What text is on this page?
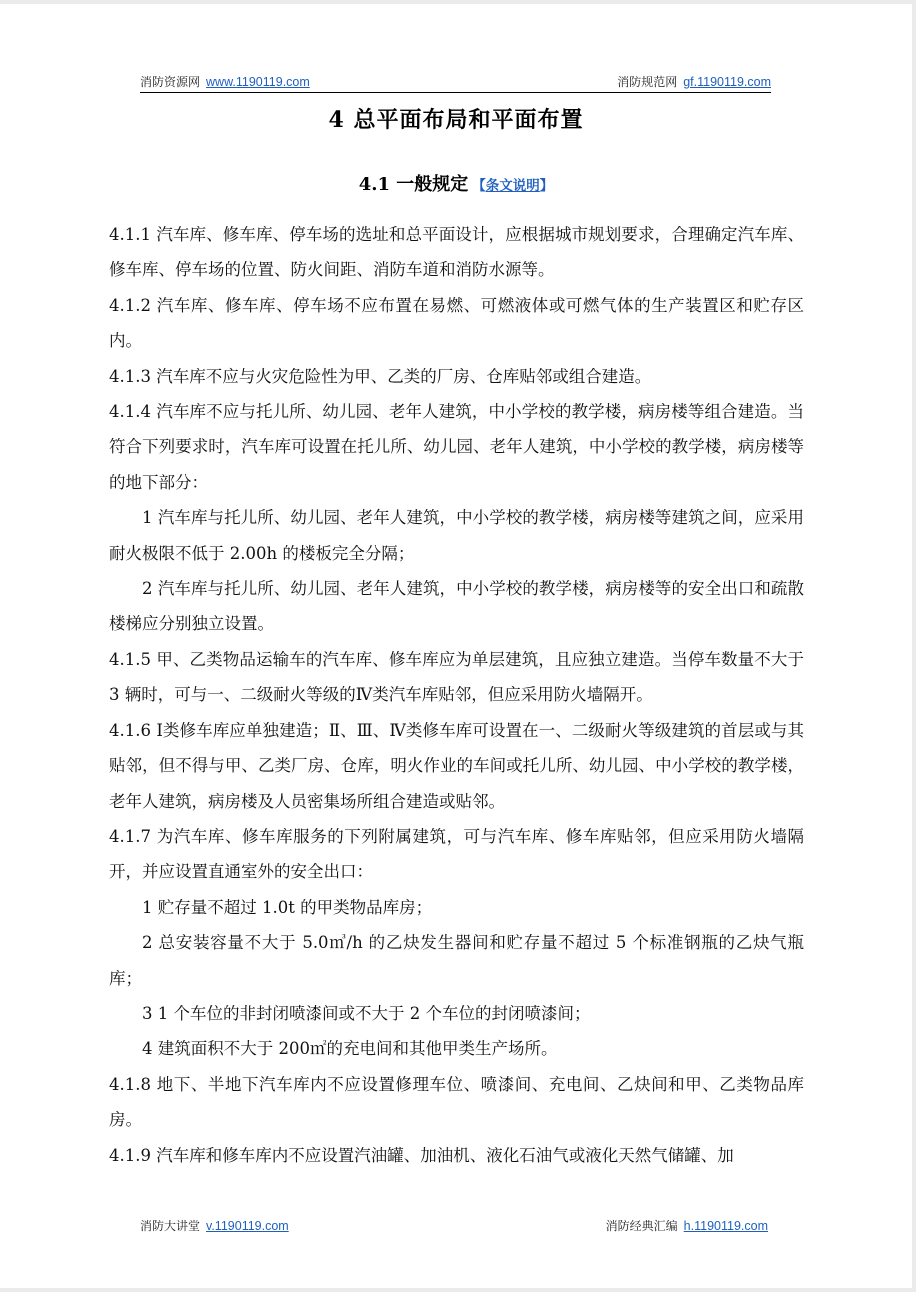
消防资源网 www.1190119.com	消防规范网 gf.1190119.com
4 总平面布局和平面布置
4.1 一般规定 【条文说明】

4.1.1 汽车库、修车库、停车场的选址和总平面设计，应根据城市规划要求，合理确定汽车库、修车库、停车场的位置、防火间距、消防车道和消防水源等。

4.1.2 汽车库、修车库、停车场不应布置在易燃、可燃液体或可燃气体的生产装置区和贮存区内。

4.1.3 汽车库不应与火灾危险性为甲、乙类的厂房、仓库贴邻或组合建造。

4.1.4 汽车库不应与托儿所、幼儿园、老年人建筑，中小学校的教学楼，病房楼等组合建造。当符合下列要求时，汽车库可设置在托儿所、幼儿园、老年人建筑，中小学校的教学楼，病房楼等的地下部分：

1 汽车库与托儿所、幼儿园、老年人建筑，中小学校的教学楼，病房楼等建筑之间，应采用耐火极限不低于 2.00h 的楼板完全分隔；

2 汽车库与托儿所、幼儿园、老年人建筑，中小学校的教学楼，病房楼等的安全出口和疏散楼梯应分别独立设置。

4.1.5 甲、乙类物品运输车的汽车库、修车库应为单层建筑，且应独立建造。当停车数量不大于 3 辆时，可与一、二级耐火等级的Ⅳ类汽车库贴邻，但应采用防火墙隔开。

4.1.6 Ⅰ类修车库应单独建造；Ⅱ、Ⅲ、Ⅳ类修车库可设置在一、二级耐火等级建筑的首层或与其贴邻，但不得与甲、乙类厂房、仓库，明火作业的车间或托儿所、幼儿园、中小学校的教学楼，老年人建筑，病房楼及人员密集场所组合建造或贴邻。

4.1.7 为汽车库、修车库服务的下列附属建筑，可与汽车库、修车库贴邻，但应采用防火墙隔开，并应设置直通室外的安全出口：

1 贮存量不超过 1.0t 的甲类物品库房；

2 总安装容量不大于 5.0㎥/h 的乙炔发生器间和贮存量不超过 5 个标准钢瓶的乙炔气瓶库；

3 1 个车位的非封闭喷漆间或不大于 2 个车位的封闭喷漆间；

4 建筑面积不大于 200㎡的充电间和其他甲类生产场所。

4.1.8 地下、半地下汽车库内不应设置修理车位、喷漆间、充电间、乙炔间和甲、乙类物品库房。

4.1.9 汽车库和修车库内不应设置汽油罐、加油机、液化石油气或液化天然气储罐、加

消防大讲堂 v.1190119.com	消防经典汇编 h.1190119.com
